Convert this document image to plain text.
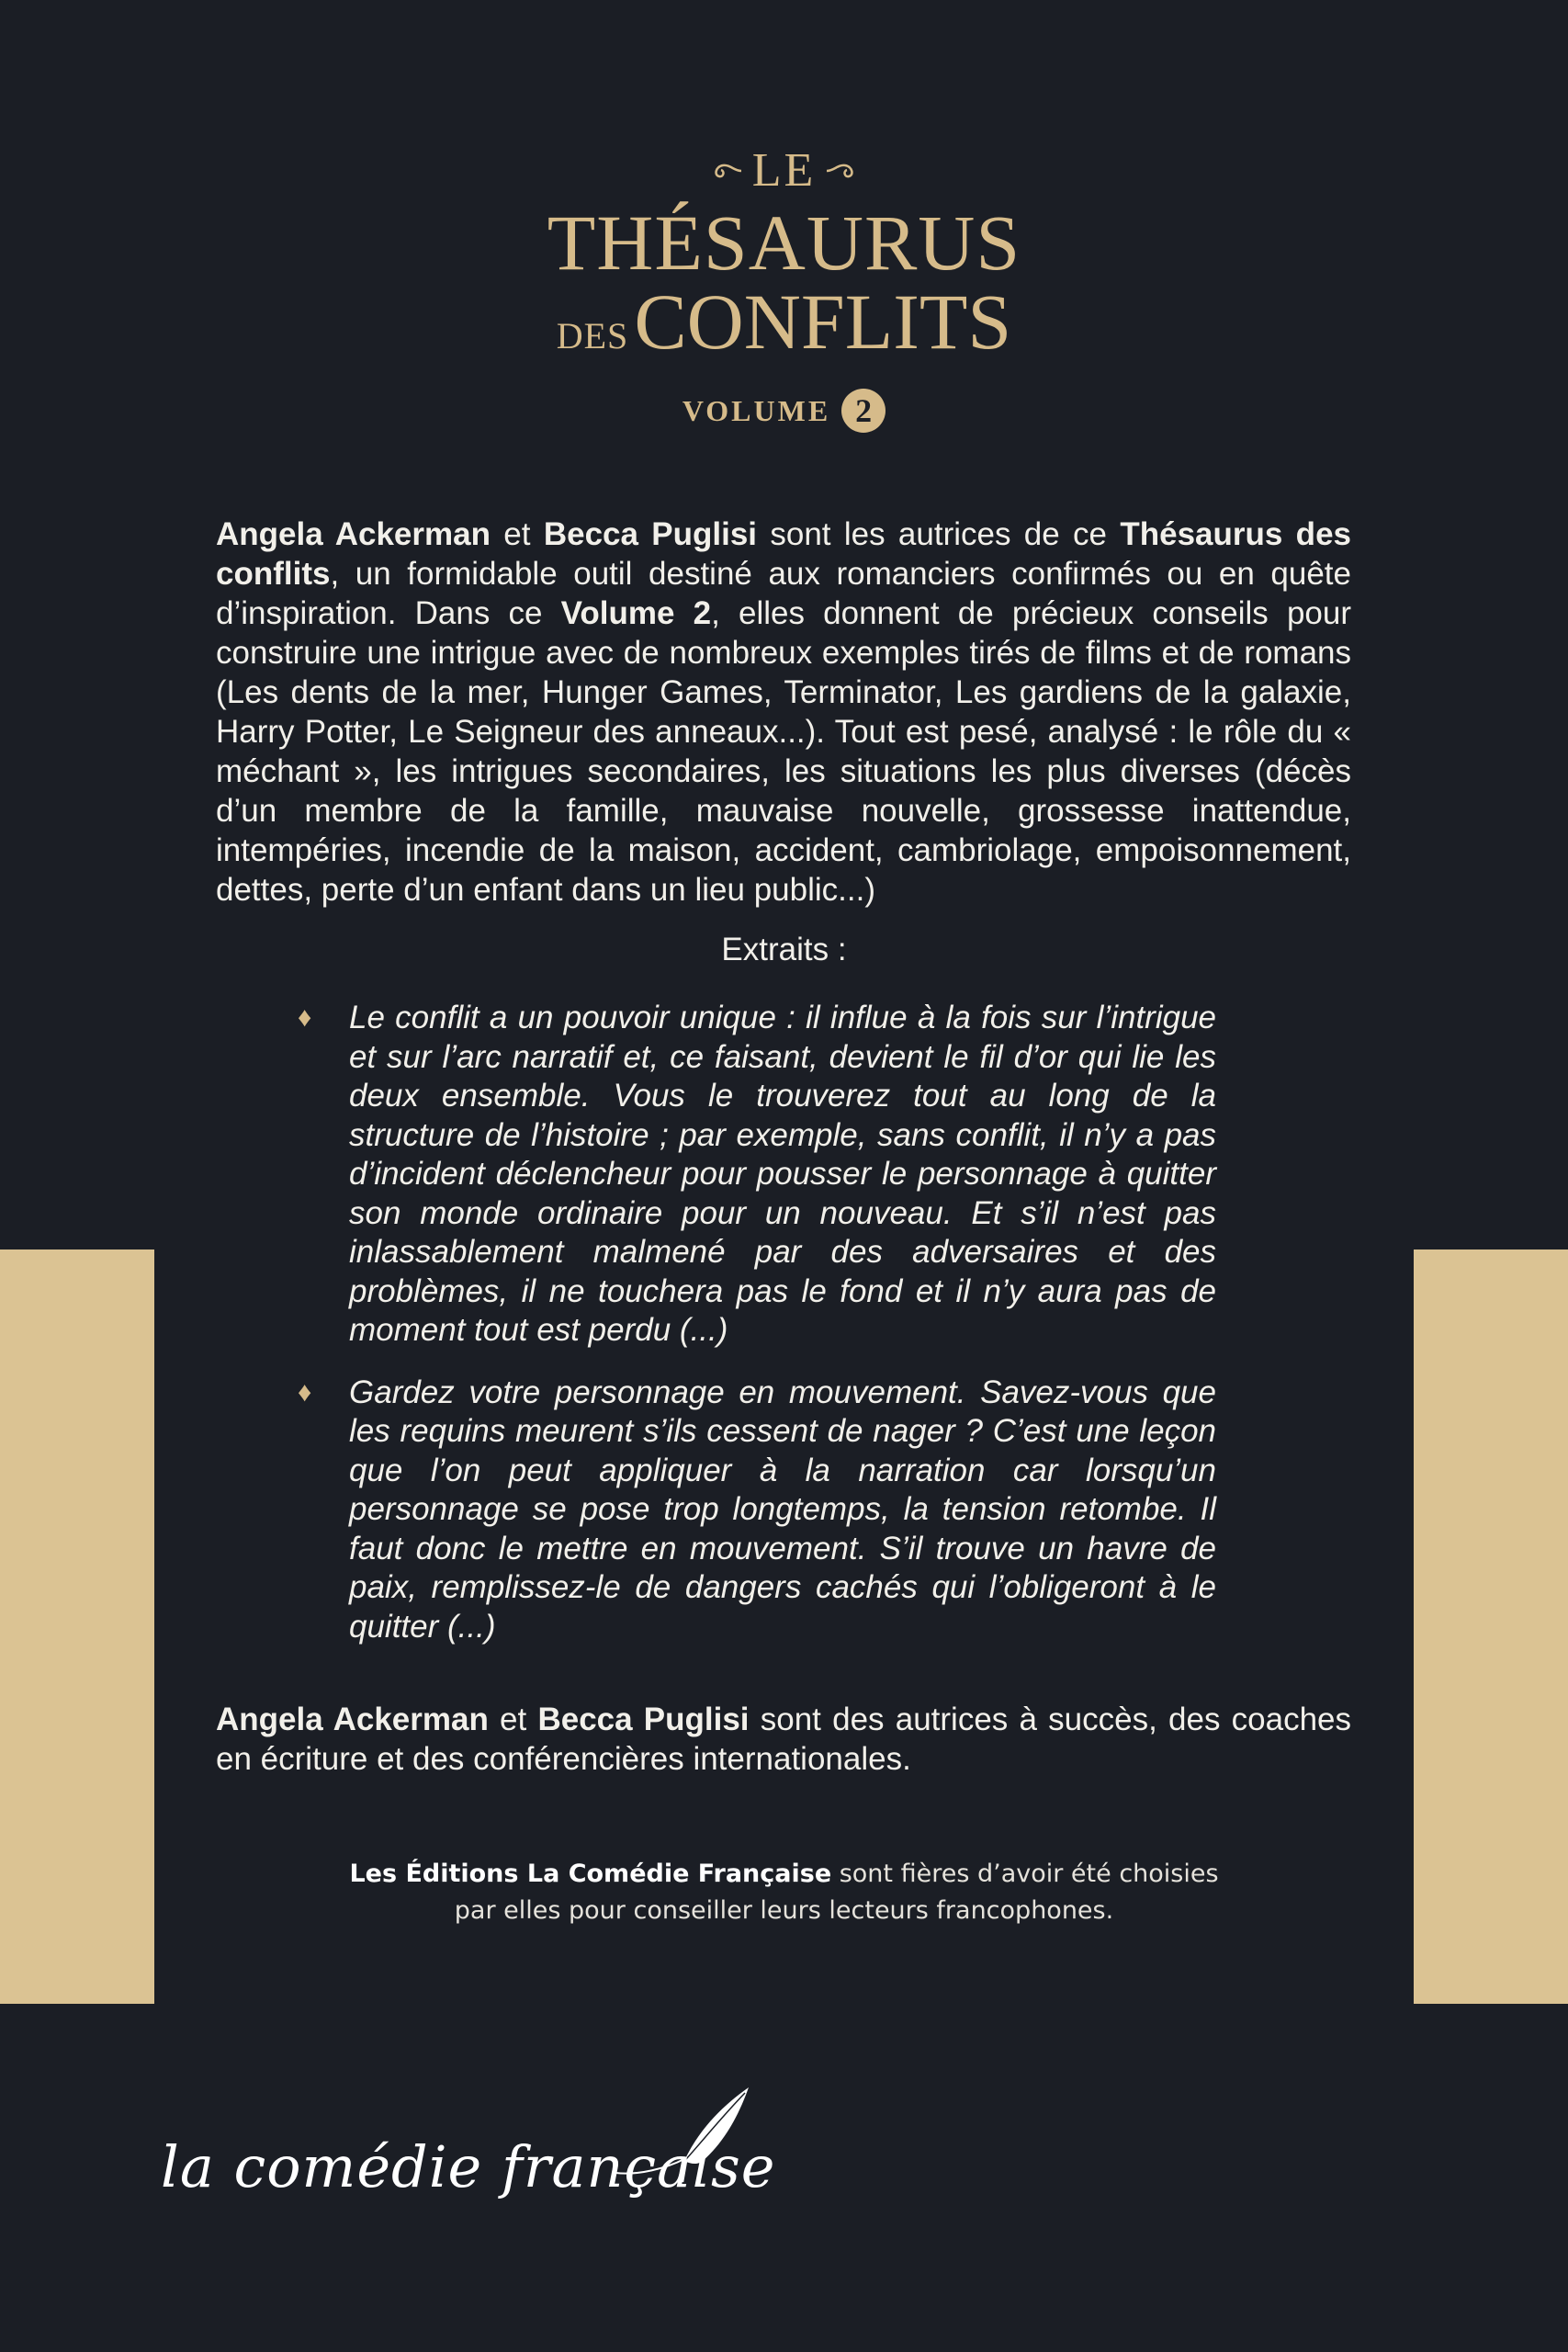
LE
THÉSAURUS
DESCONFLITS
VOLUME 2
Angela Ackerman et Becca Puglisi sont les autrices de ce Thésaurus des conflits, un formidable outil destiné aux romanciers confirmés ou en quête d’inspiration. Dans ce Volume 2, elles donnent de précieux conseils pour construire une intrigue avec de nombreux exemples tirés de films et de romans (Les dents de la mer, Hunger Games, Terminator, Les gardiens de la galaxie, Harry Potter, Le Seigneur des anneaux...). Tout est pesé, analysé : le rôle du « méchant », les intrigues secondaires, les situations les plus diverses (décès d’un membre de la famille, mauvaise nouvelle, grossesse inattendue, intempéries, incendie de la maison, accident, cambriolage, empoisonnement, dettes, perte d’un enfant dans un lieu public...)
Extraits :
♦ Le conflit a un pouvoir unique : il influe à la fois sur l’intrigue et sur l’arc narratif et, ce faisant, devient le fil d’or qui lie les deux ensemble. Vous le trouverez tout au long de la structure de l’histoire ; par exemple, sans conflit, il n’y a pas d’incident déclencheur pour pousser le personnage à quitter son monde ordinaire pour un nouveau. Et s’il n’est pas inlassablement malmené par des adversaires et des problèmes, il ne touchera pas le fond et il n’y aura pas de moment tout est perdu (...)
♦ Gardez votre personnage en mouvement. Savez-vous que les requins meurent s’ils cessent de nager ? C’est une leçon que l’on peut appliquer à la narration car lorsqu’un personnage se pose trop longtemps, la tension retombe. Il faut donc le mettre en mouvement. S’il trouve un havre de paix, remplissez-le de dangers cachés qui l’obligeront à le quitter (...)
Angela Ackerman et Becca Puglisi sont des autrices à succès, des coaches en écriture et des conférencières internationales.
Les Éditions La Comédie Française sont fières d’avoir été choisies
par elles pour conseiller leurs lecteurs francophones.
la comédie française
